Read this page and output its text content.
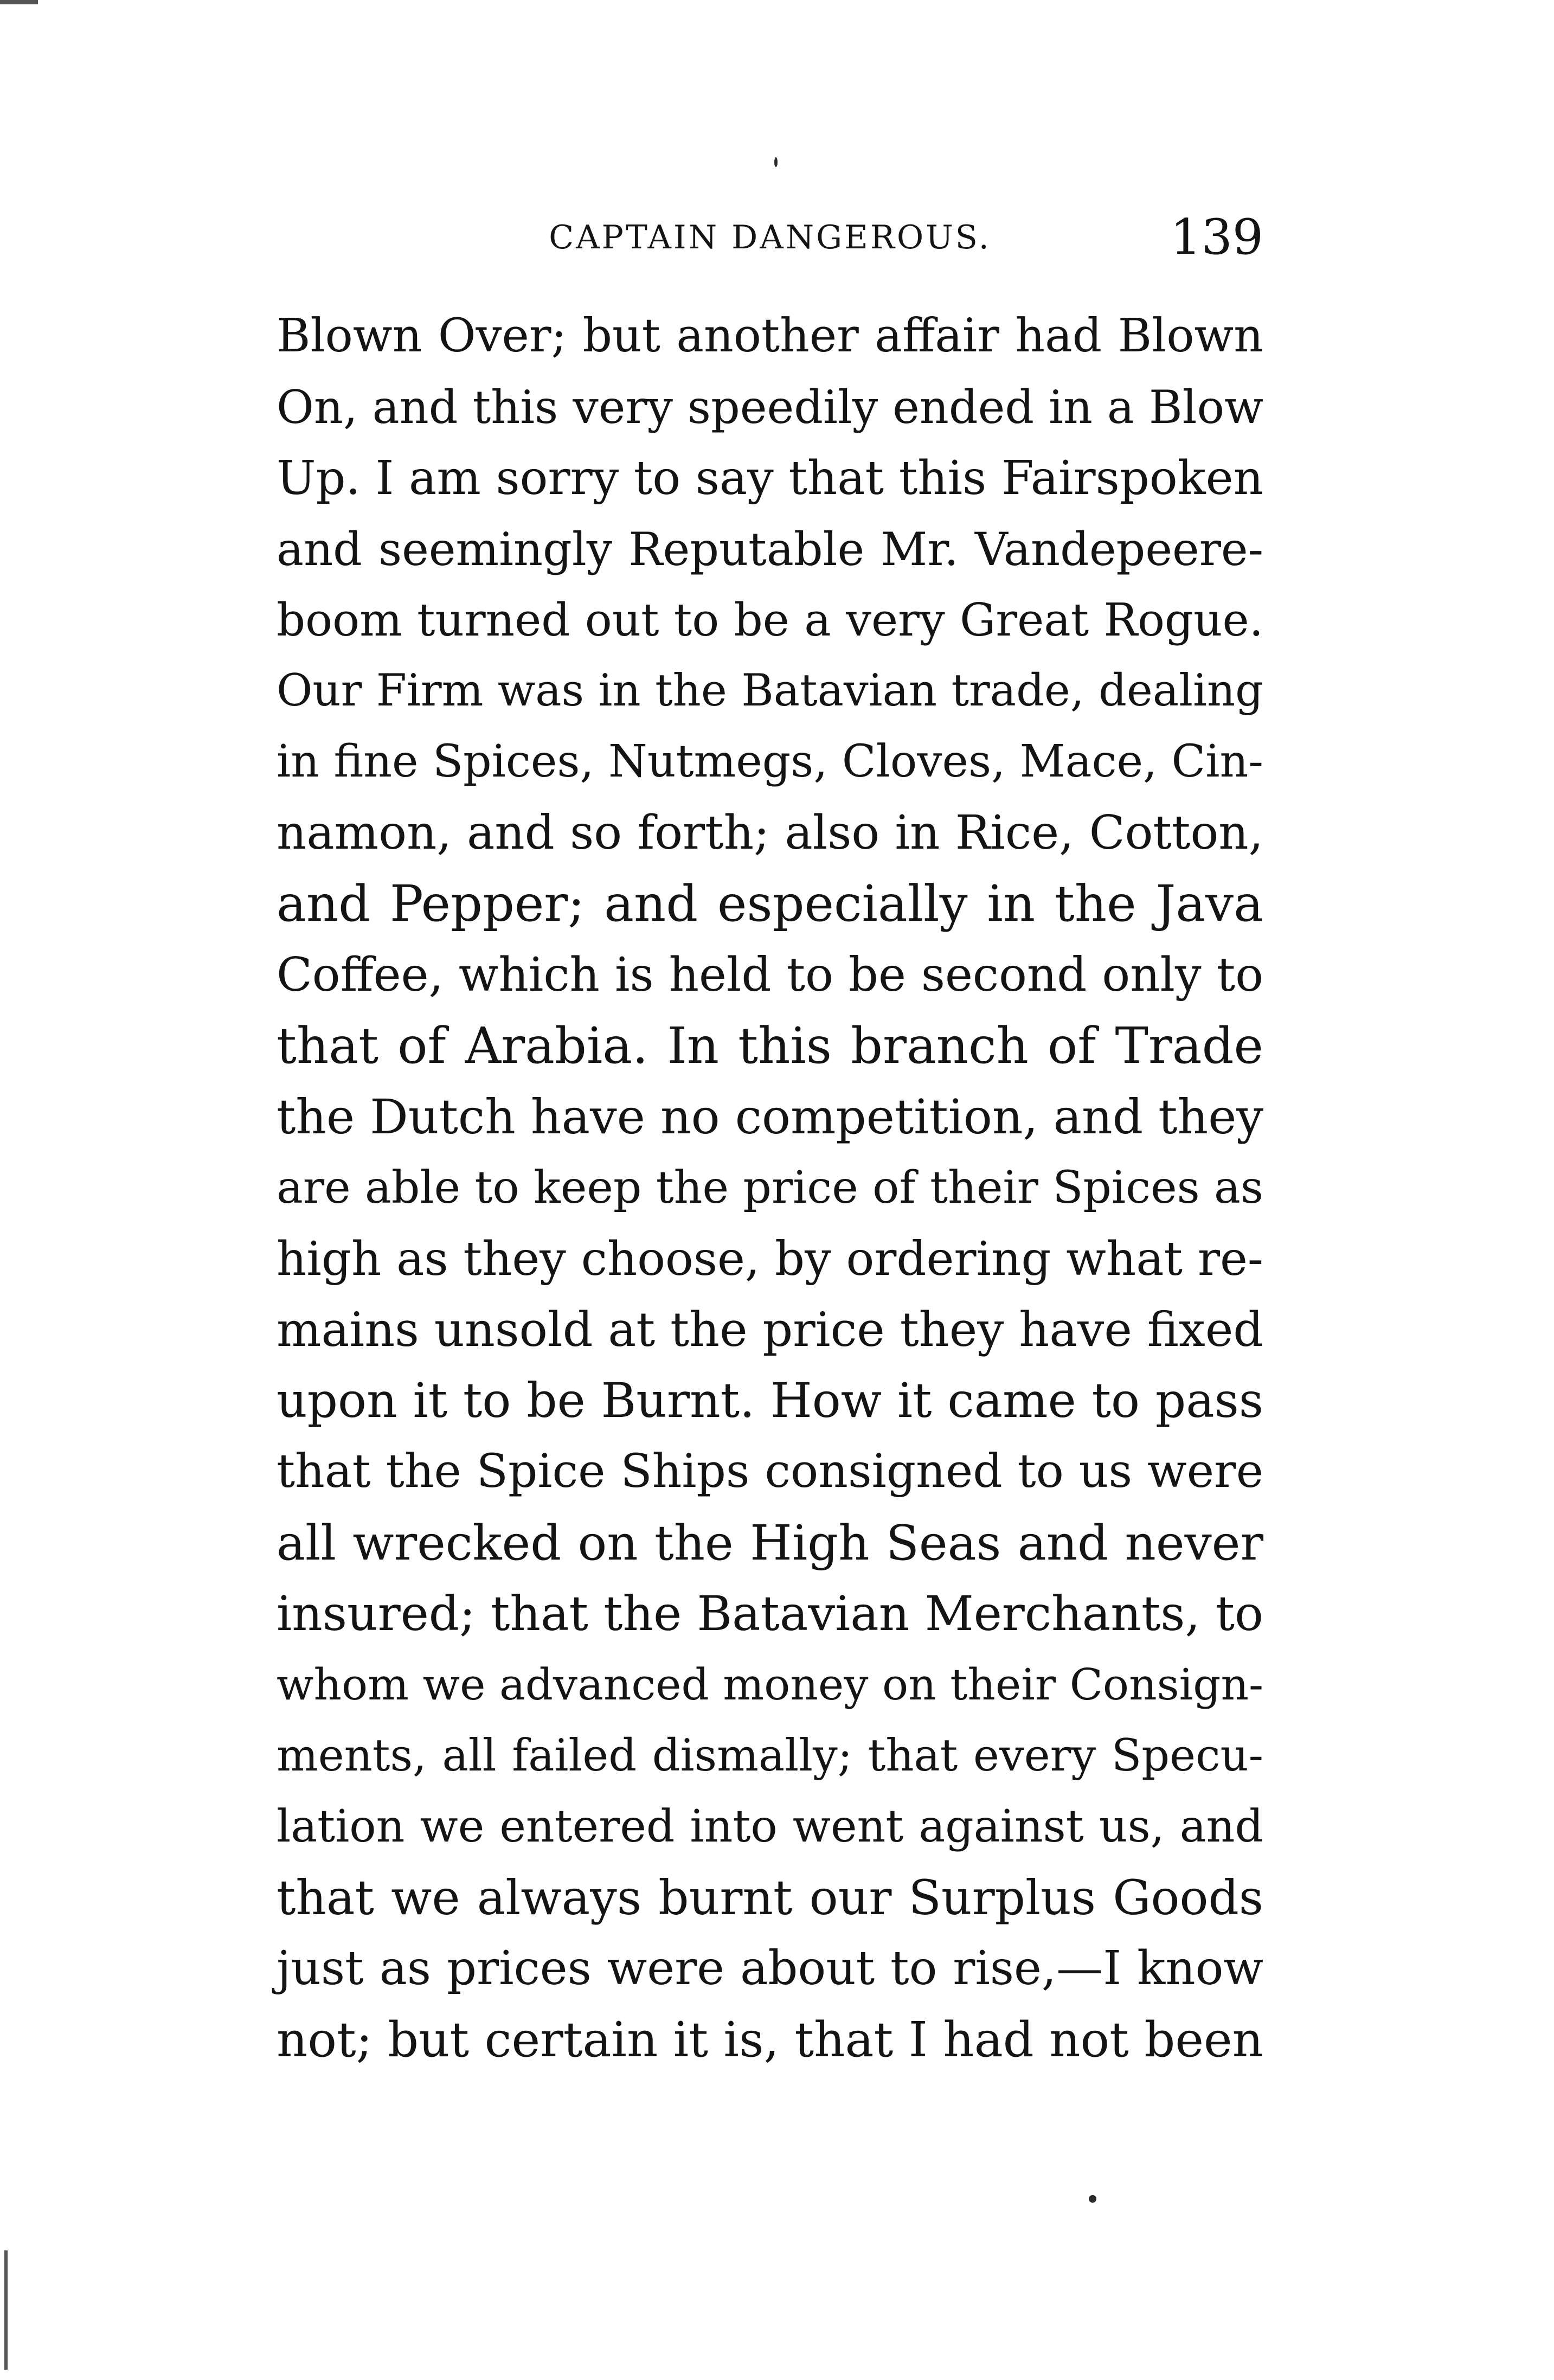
CAPTAIN DANGEROUS.	139
Blown Over; but another affair had Blown
On, and this very speedily ended in a Blow
Up. I am sorry to say that this Fairspoken
and seemingly Reputable Mr. Vandepeere-
boom turned out to be a very Great Rogue.
Our Firm was in the Batavian trade, dealing
in fine Spices, Nutmegs, Cloves, Mace, Cin-
namon, and so forth; also in Rice, Cotton,
and Pepper; and especially in the Java
Coffee, which is held to be second only to
that of Arabia. In this branch of Trade
the Dutch have no competition, and they
are able to keep the price of their Spices as
high as they choose, by ordering what re-
mains unsold at the price they have fixed
upon it to be Burnt. How it came to pass
that the Spice Ships consigned to us were
all wrecked on the High Seas and never
insured; that the Batavian Merchants, to
whom we advanced money on their Consign-
ments, all failed dismally; that every Specu-
lation we entered into went against us, and
that we always burnt our Surplus Goods
just as prices were about to rise,—I know
not; but certain it is, that I had not been
